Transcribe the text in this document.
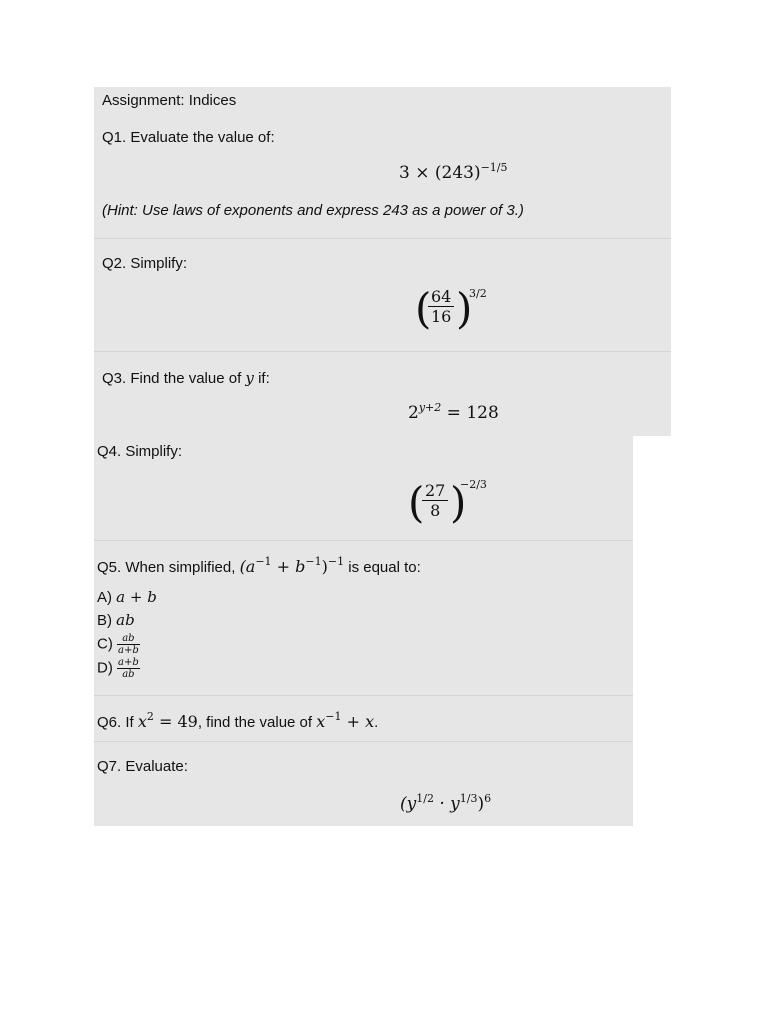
Assignment: Indices
Q1. Evaluate the value of:
$3 \times (243)^{-1/5}$
(Hint: Use laws of exponents and express 243 as a power of 3.)
Q2. Simplify:
(
$\frac{64}{16}$ )
3/2
Q3. Find the value of y if:
$2^{y+2} = 128$
Q4. Simplify:
(
$\frac{27}{8}$ )
−2/3
Q5. When simplified, $(a^{-1} + b^{-1})^{-1}$ is equal to:
A) a + b
B) ab
$C) \frac{ab}{a+b}$
$D) \frac{a+b}{ab}$
Q6. If $x^2 = 49$, find the value of $x^{-1} + x$.
Q7. Evaluate:
$(y^{1/2} \cdot y^{1/3})^6$
